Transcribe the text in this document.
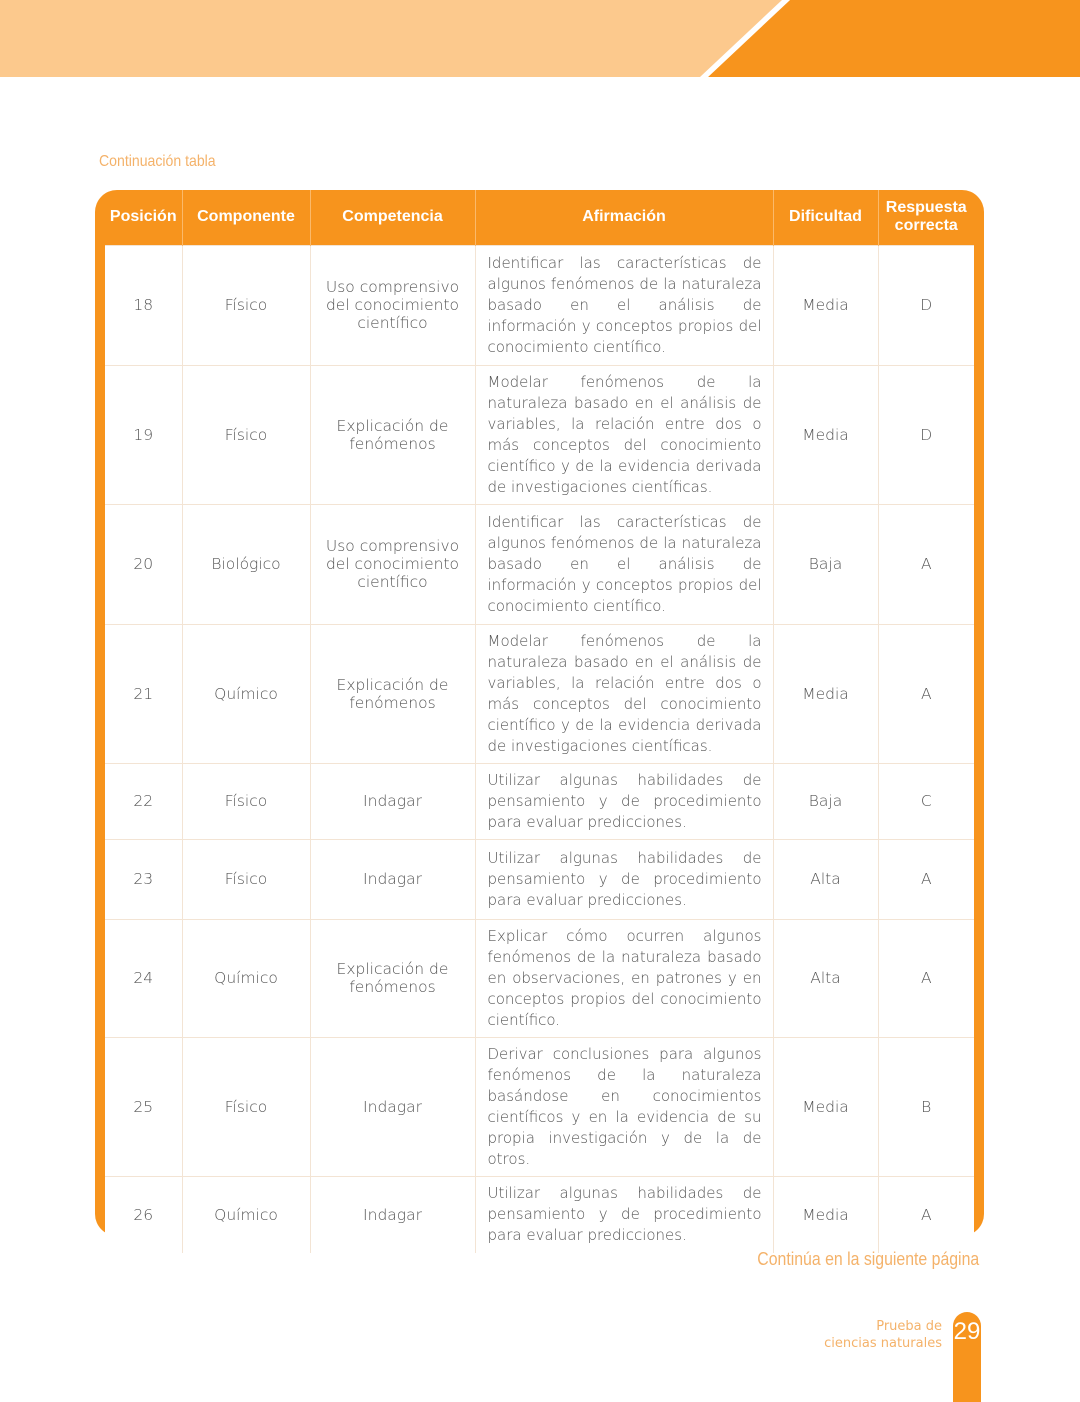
Continuación tabla
Posición	Componente	Competencia	Afirmación	Dificultad	Respuesta correcta
18	Físico	Uso comprensivo del conocimiento científico	Identificar las características de algunos fenómenos de la naturaleza basado en el análisis de información y conceptos propios del conocimiento científico.	Media	D
19	Físico	Explicación de fenómenos	Modelar fenómenos de la naturaleza basado en el análisis de variables, la relación entre dos o más conceptos del conocimiento científico y de la evidencia derivada de investigaciones científicas.	Media	D
20	Biológico	Uso comprensivo del conocimiento científico	Identificar las características de algunos fenómenos de la naturaleza basado en el análisis de información y conceptos propios del conocimiento científico.	Baja	A
21	Químico	Explicación de fenómenos	Modelar fenómenos de la naturaleza basado en el análisis de variables, la relación entre dos o más conceptos del conocimiento científico y de la evidencia derivada de investigaciones científicas.	Media	A
22	Físico	Indagar	Utilizar algunas habilidades de pensamiento y de procedimiento para evaluar predicciones.	Baja	C
23	Físico	Indagar	Utilizar algunas habilidades de pensamiento y de procedimiento para evaluar predicciones.	Alta	A
24	Químico	Explicación de fenómenos	Explicar cómo ocurren algunos fenómenos de la naturaleza basado en observaciones, en patrones y en conceptos propios del conocimiento científico.	Alta	A
25	Físico	Indagar	Derivar conclusiones para algunos fenómenos de la naturaleza basándose en conocimientos científicos y en la evidencia de su propia investigación y de la de otros.	Media	B
26	Químico	Indagar	Utilizar algunas habilidades de pensamiento y de procedimiento para evaluar predicciones.	Media	A
Continúa en la siguiente página
Prueba de
ciencias naturales 29
